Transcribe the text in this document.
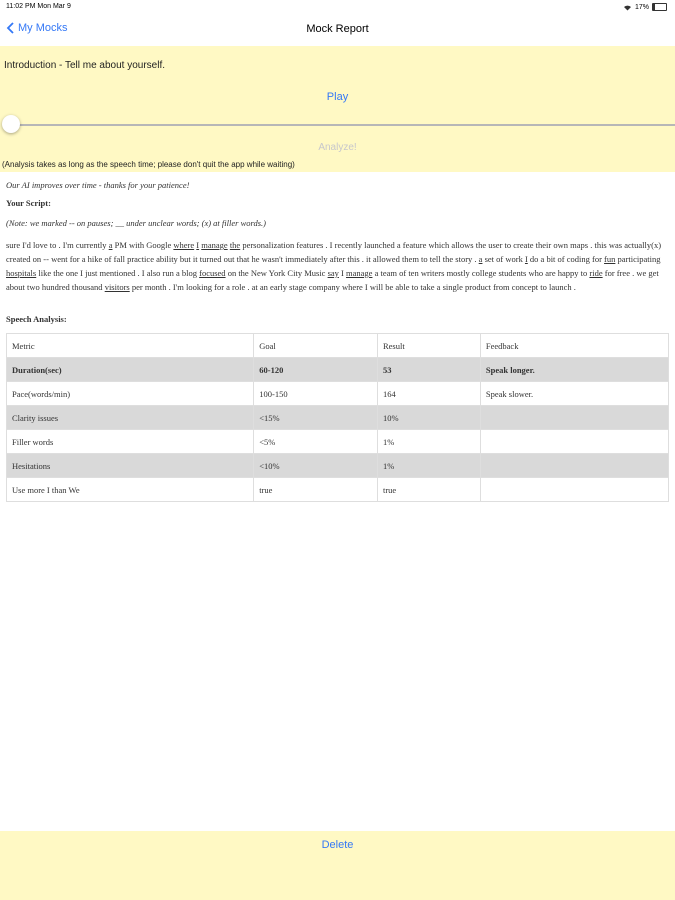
11:02 PM Mon Mar 9	17%
My Mocks	Mock Report
Introduction - Tell me about yourself.
Play
Analyze!
(Analysis takes as long as the speech time; please don't quit the app while waiting)

Our AI improves over time - thanks for your patience!

Your Script:

(Note: we marked -- on pauses; __ under unclear words; (x) at filler words.)

sure I'd love to . I'm currently a PM with Google where I manage the personalization features . I recently launched a feature which allows the user to create their own maps . this was actually(x) created on -- went for a hike of fall practice ability but it turned out that he wasn't immediately after this . it allowed them to tell the story . a set of work I do a bit of coding for fun participating hospitals like the one I just mentioned . I also run a blog focused on the New York City Music say I manage a team of ten writers mostly college students who are happy to ride for free . we get about two hundred thousand visitors per month . I'm looking for a role . at an early stage company where I will be able to take a single product from concept to launch .

Speech Analysis:

Metric	Goal	Result	Feedback
Duration(sec)	60-120	53	Speak longer.
Pace(words/min)	100-150	164	Speak slower.
Clarity issues	<15%	10%	
Filler words	<5%	1%	
Hesitations	<10%	1%	
Use more I than We	true	true	
Delete
